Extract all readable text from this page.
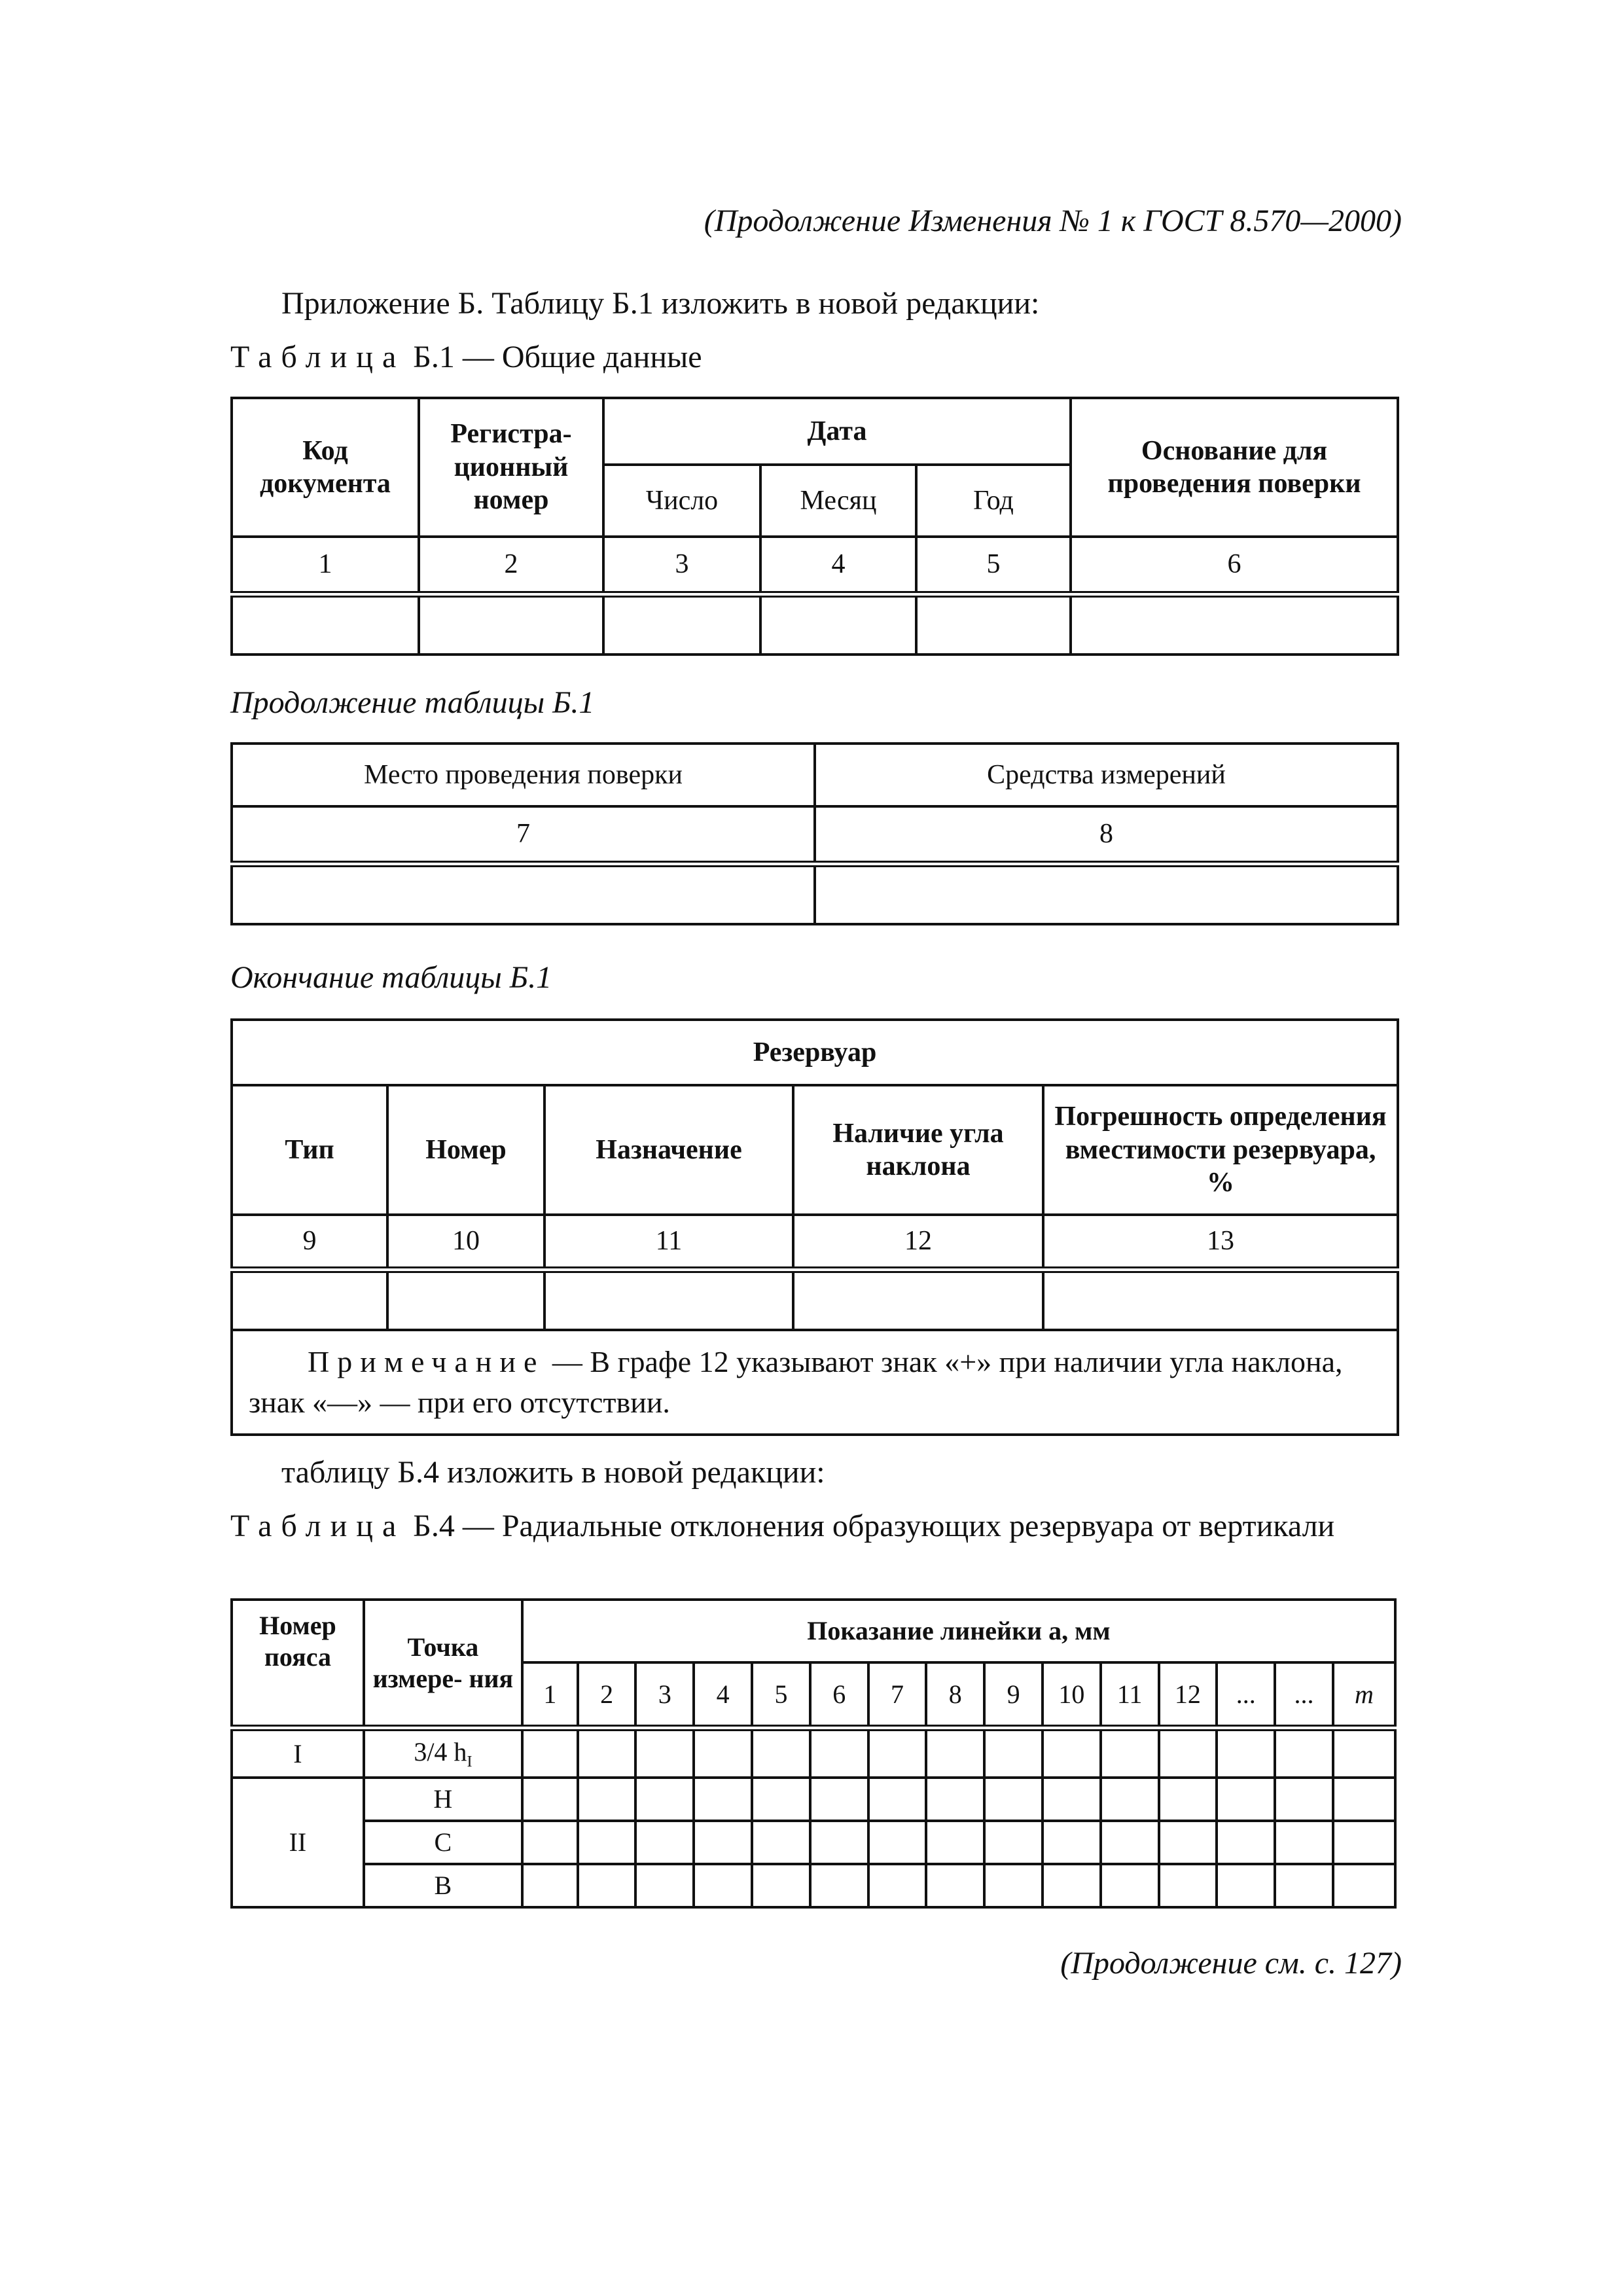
(Продолжение Изменения № 1 к ГОСТ 8.570—2000)
Приложение Б. Таблицу Б.1 изложить в новой редакции:
Таблица Б.1 — Общие данные
Код документа	Регистра- ционный номер	Дата			Основание для проведения поверки
		Число	Месяц	Год	
1	2	3	4	5	6

Продолжение таблицы Б.1
Место проведения поверки	Средства измерений
7	8

Окончание таблицы Б.1
Резервуар				
Тип	Номер	Назначение	Наличие угла наклона	Погрешность определения вместимости резервуара, %
9	10	11	12	13

Примечание — В графе 12 указывают знак «+» при наличии угла наклона, знак «—» — при его отсутствии.				
таблицу Б.4 изложить в новой редакции:
Таблица Б.4 — Радиальные отклонения образующих резервуара от вертикали
Номер пояса	Точка измере- ния	Показание линейки a, мм														
		1	2	3	4	5	6	7	8	9	10	11	12	...	...	m
I	3/4 $h_I$															
II	Н															
	С															
	В															
(Продолжение см. с. 127)
